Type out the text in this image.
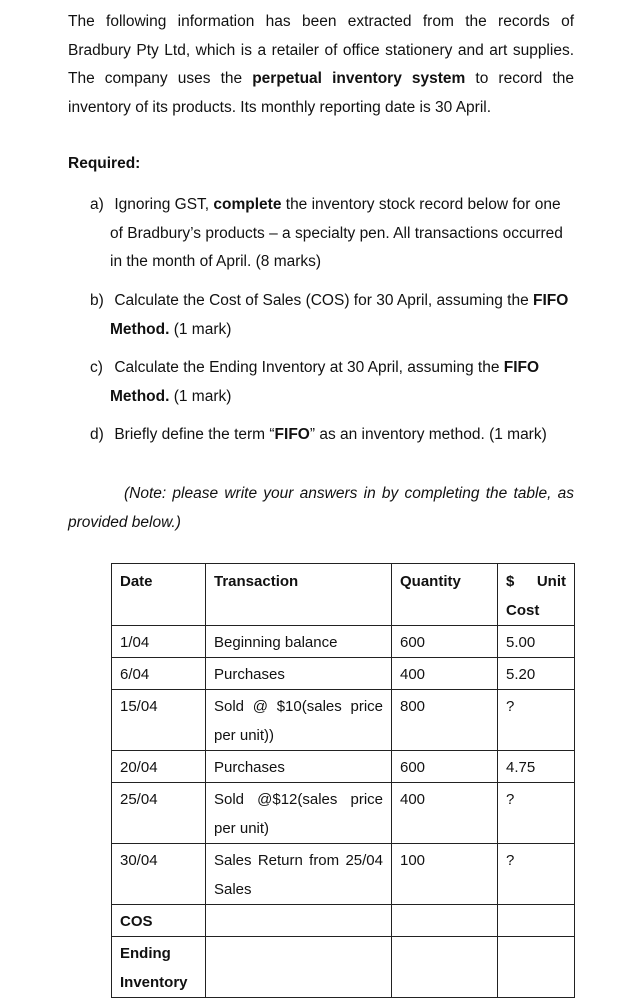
The following information has been extracted from the records of Bradbury Pty Ltd, which is a retailer of office stationery and art supplies. The company uses the perpetual inventory system to record the inventory of its products. Its monthly reporting date is 30 April.

Required:

a) Ignoring GST, complete the inventory stock record below for one
of Bradbury’s products – a specialty pen. All transactions occurred
in the month of April. (8 marks)

b) Calculate the Cost of Sales (COS) for 30 April, assuming the FIFO
Method. (1 mark)

c) Calculate the Ending Inventory at 30 April, assuming the FIFO
Method. (1 mark)

d) Briefly define the term “FIFO” as an inventory method. (1 mark)

(Note: please write your answers in by completing the table, as
provided below.)

Date	Transaction	Quantity	$ Unit Cost
1/04	Beginning balance	600	5.00
6/04	Purchases	400	5.20
15/04	Sold @ $10(sales price per unit))	800	?
20/04	Purchases	600	4.75
25/04	Sold @$12(sales price per unit)	400	?
30/04	Sales Return from 25/04 Sales	100	?
COS			
Ending Inventory			
